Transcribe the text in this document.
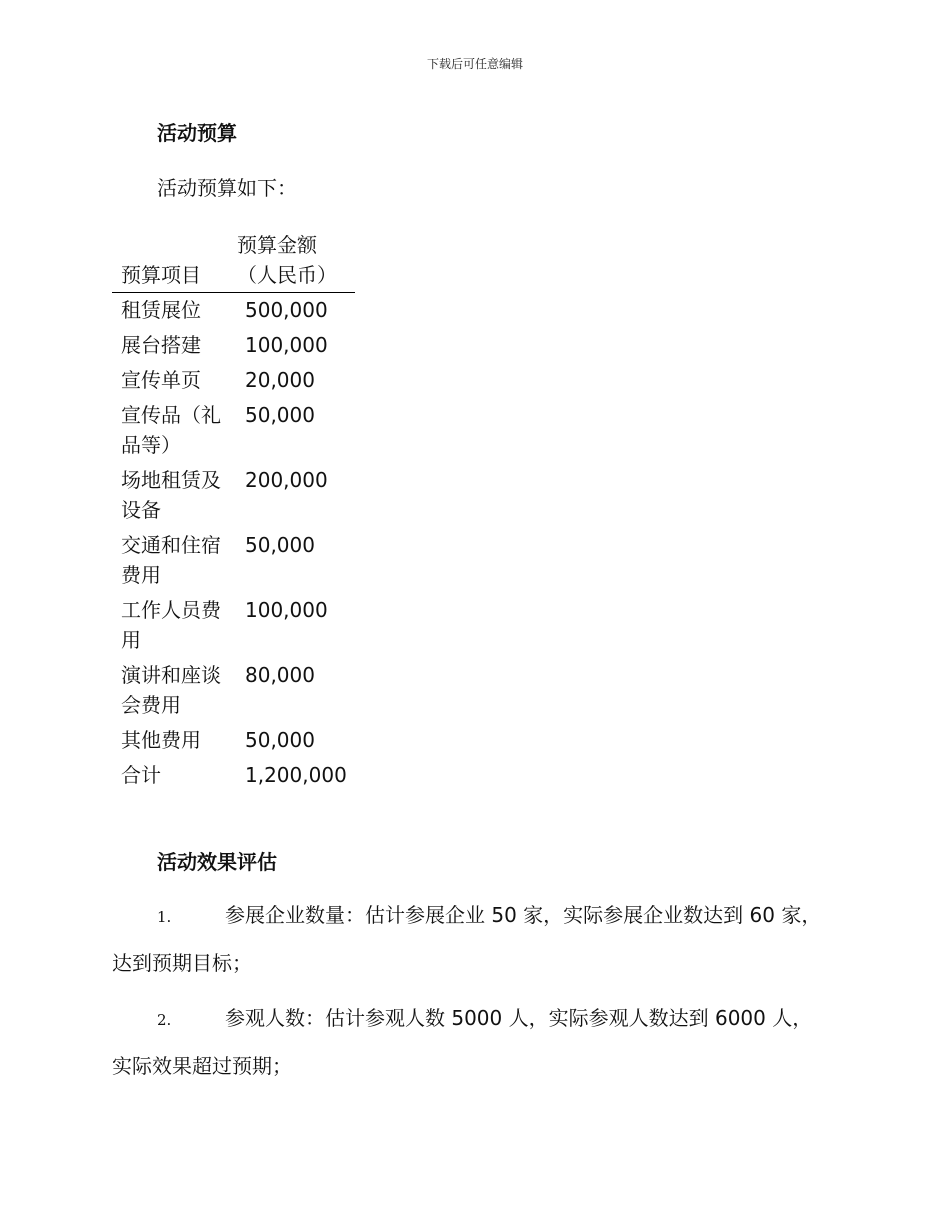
下载后可任意编辑
活动预算
活动预算如下：
预算项目	预算金额（人民币）

租赁展位	500,000
展台搭建	100,000
宣传单页	20,000
宣传品（礼品等）	50,000
场地租赁及设备	200,000
交通和住宿费用	50,000
工作人员费用	100,000
演讲和座谈会费用	80,000
其他费用	50,000
合计	1,200,000
活动效果评估
1.	参展企业数量：估计参展企业 50 家，实际参展企业数达到 60 家，达到预期目标；
2.	参观人数：估计参观人数 5000 人，实际参观人数达到 6000 人，实际效果超过预期；
